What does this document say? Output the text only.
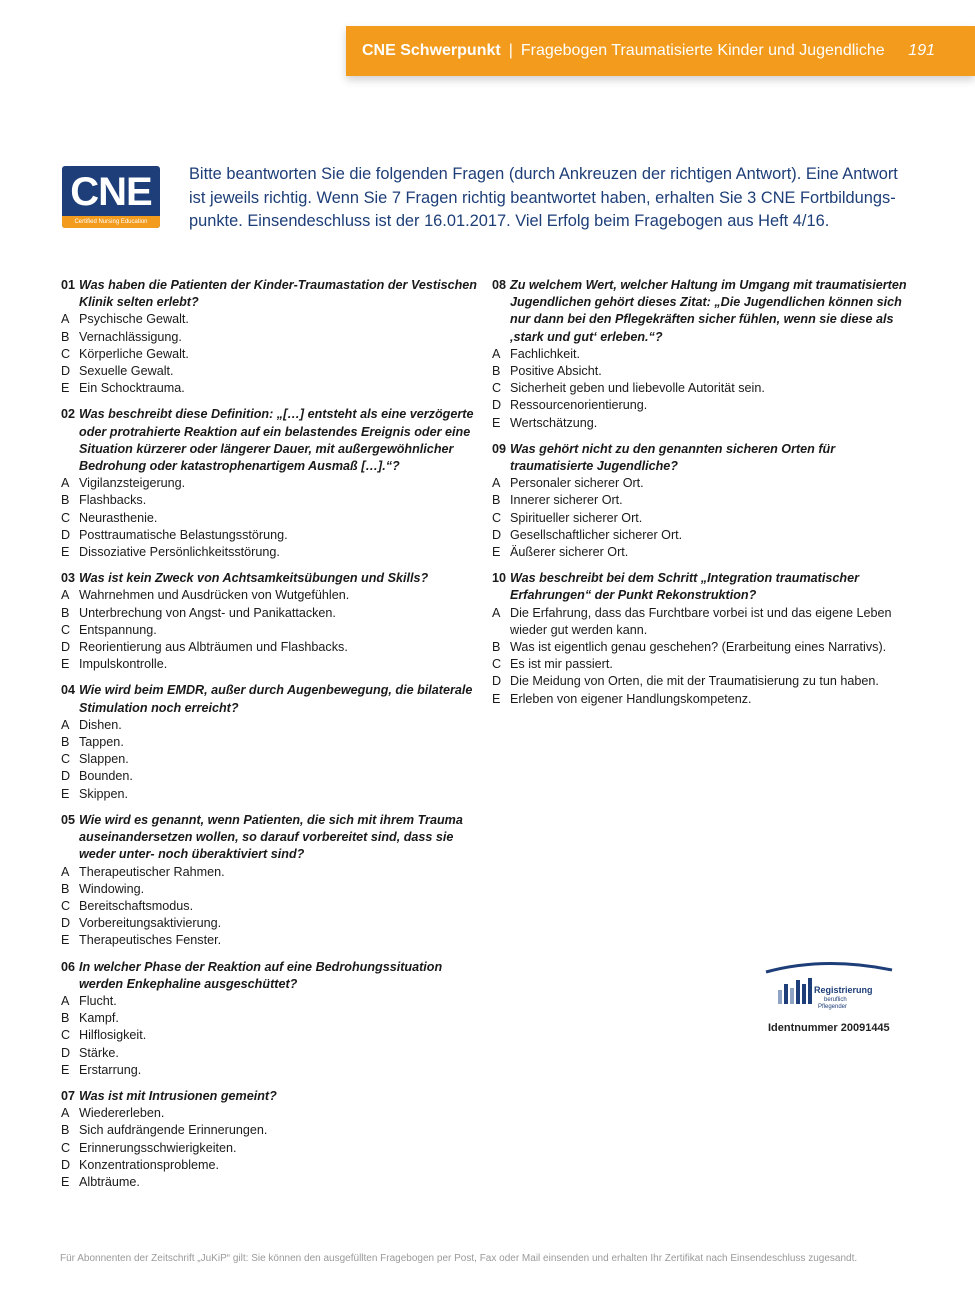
CNE Schwerpunkt | Fragebogen Traumatisierte Kinder und Jugendliche 191
CNE
Certified Nursing Education
Bitte beantworten Sie die folgenden Fragen (durch Ankreuzen der richtigen Antwort). Eine Antwort
ist jeweils richtig. Wenn Sie 7 Fragen richtig beantwortet haben, erhalten Sie 3 CNE Fortbildungs-
punkte. Einsendeschluss ist der 16.01.2017. Viel Erfolg beim Fragebogen aus Heft 4/16.
01 Was haben die Patienten der Kinder-Traumastation der Vestischen Klinik selten erlebt?
A Psychische Gewalt.
B Vernachlässigung.
C Körperliche Gewalt.
D Sexuelle Gewalt.
E Ein Schocktrauma.
02 Was beschreibt diese Definition: „[…] entsteht als eine verzögerte oder protrahierte Reaktion auf ein belastendes Ereignis oder eine Situation kürzerer oder längerer Dauer, mit außergewöhnlicher Bedrohung oder katastrophenartigem Ausmaß […].“?
A Vigilanzsteigerung.
B Flashbacks.
C Neurasthenie.
D Posttraumatische Belastungsstörung.
E Dissoziative Persönlichkeitsstörung.
03 Was ist kein Zweck von Achtsamkeitsübungen und Skills?
A Wahrnehmen und Ausdrücken von Wutgefühlen.
B Unterbrechung von Angst- und Panikattacken.
C Entspannung.
D Reorientierung aus Albträumen und Flashbacks.
E Impulskontrolle.
04 Wie wird beim EMDR, außer durch Augenbewegung, die bilaterale Stimulation noch erreicht?
A Dishen.
B Tappen.
C Slappen.
D Bounden.
E Skippen.
05 Wie wird es genannt, wenn Patienten, die sich mit ihrem Trauma auseinandersetzen wollen, so darauf vorbereitet sind, dass sie weder unter- noch überaktiviert sind?
A Therapeutischer Rahmen.
B Windowing.
C Bereitschaftsmodus.
D Vorbereitungsaktivierung.
E Therapeutisches Fenster.
06 In welcher Phase der Reaktion auf eine Bedrohungssituation werden Enkephaline ausgeschüttet?
A Flucht.
B Kampf.
C Hilflosigkeit.
D Stärke.
E Erstarrung.
07 Was ist mit Intrusionen gemeint?
A Wiedererleben.
B Sich aufdrängende Erinnerungen.
C Erinnerungsschwierigkeiten.
D Konzentrationsprobleme.
E Albträume.
08 Zu welchem Wert, welcher Haltung im Umgang mit traumatisierten Jugendlichen gehört dieses Zitat: „Die Jugendlichen können sich nur dann bei den Pflegekräften sicher fühlen, wenn sie diese als ‚stark und gut‘ erleben.“?
A Fachlichkeit.
B Positive Absicht.
C Sicherheit geben und liebevolle Autorität sein.
D Ressourcenorientierung.
E Wertschätzung.
09 Was gehört nicht zu den genannten sicheren Orten für traumatisierte Jugendliche?
A Personaler sicherer Ort.
B Innerer sicherer Ort.
C Spiritueller sicherer Ort.
D Gesellschaftlicher sicherer Ort.
E Äußerer sicherer Ort.
10 Was beschreibt bei dem Schritt „Integration traumatischer Erfahrungen“ der Punkt Rekonstruktion?
A Die Erfahrung, dass das Furchtbare vorbei ist und das eigene Leben wieder gut werden kann.
B Was ist eigentlich genau geschehen? (Erarbeitung eines Narrativs).
C Es ist mir passiert.
D Die Meidung von Orten, die mit der Traumatisierung zu tun haben.
E Erleben von eigener Handlungskompetenz.
Registrierung
beruflich
Pflegender
Identnummer 20091445
Für Abonnenten der Zeitschrift „JuKiP“ gilt: Sie können den ausgefüllten Fragebogen per Post, Fax oder Mail einsenden und erhalten Ihr Zertifikat nach Einsendeschluss zugesandt.
